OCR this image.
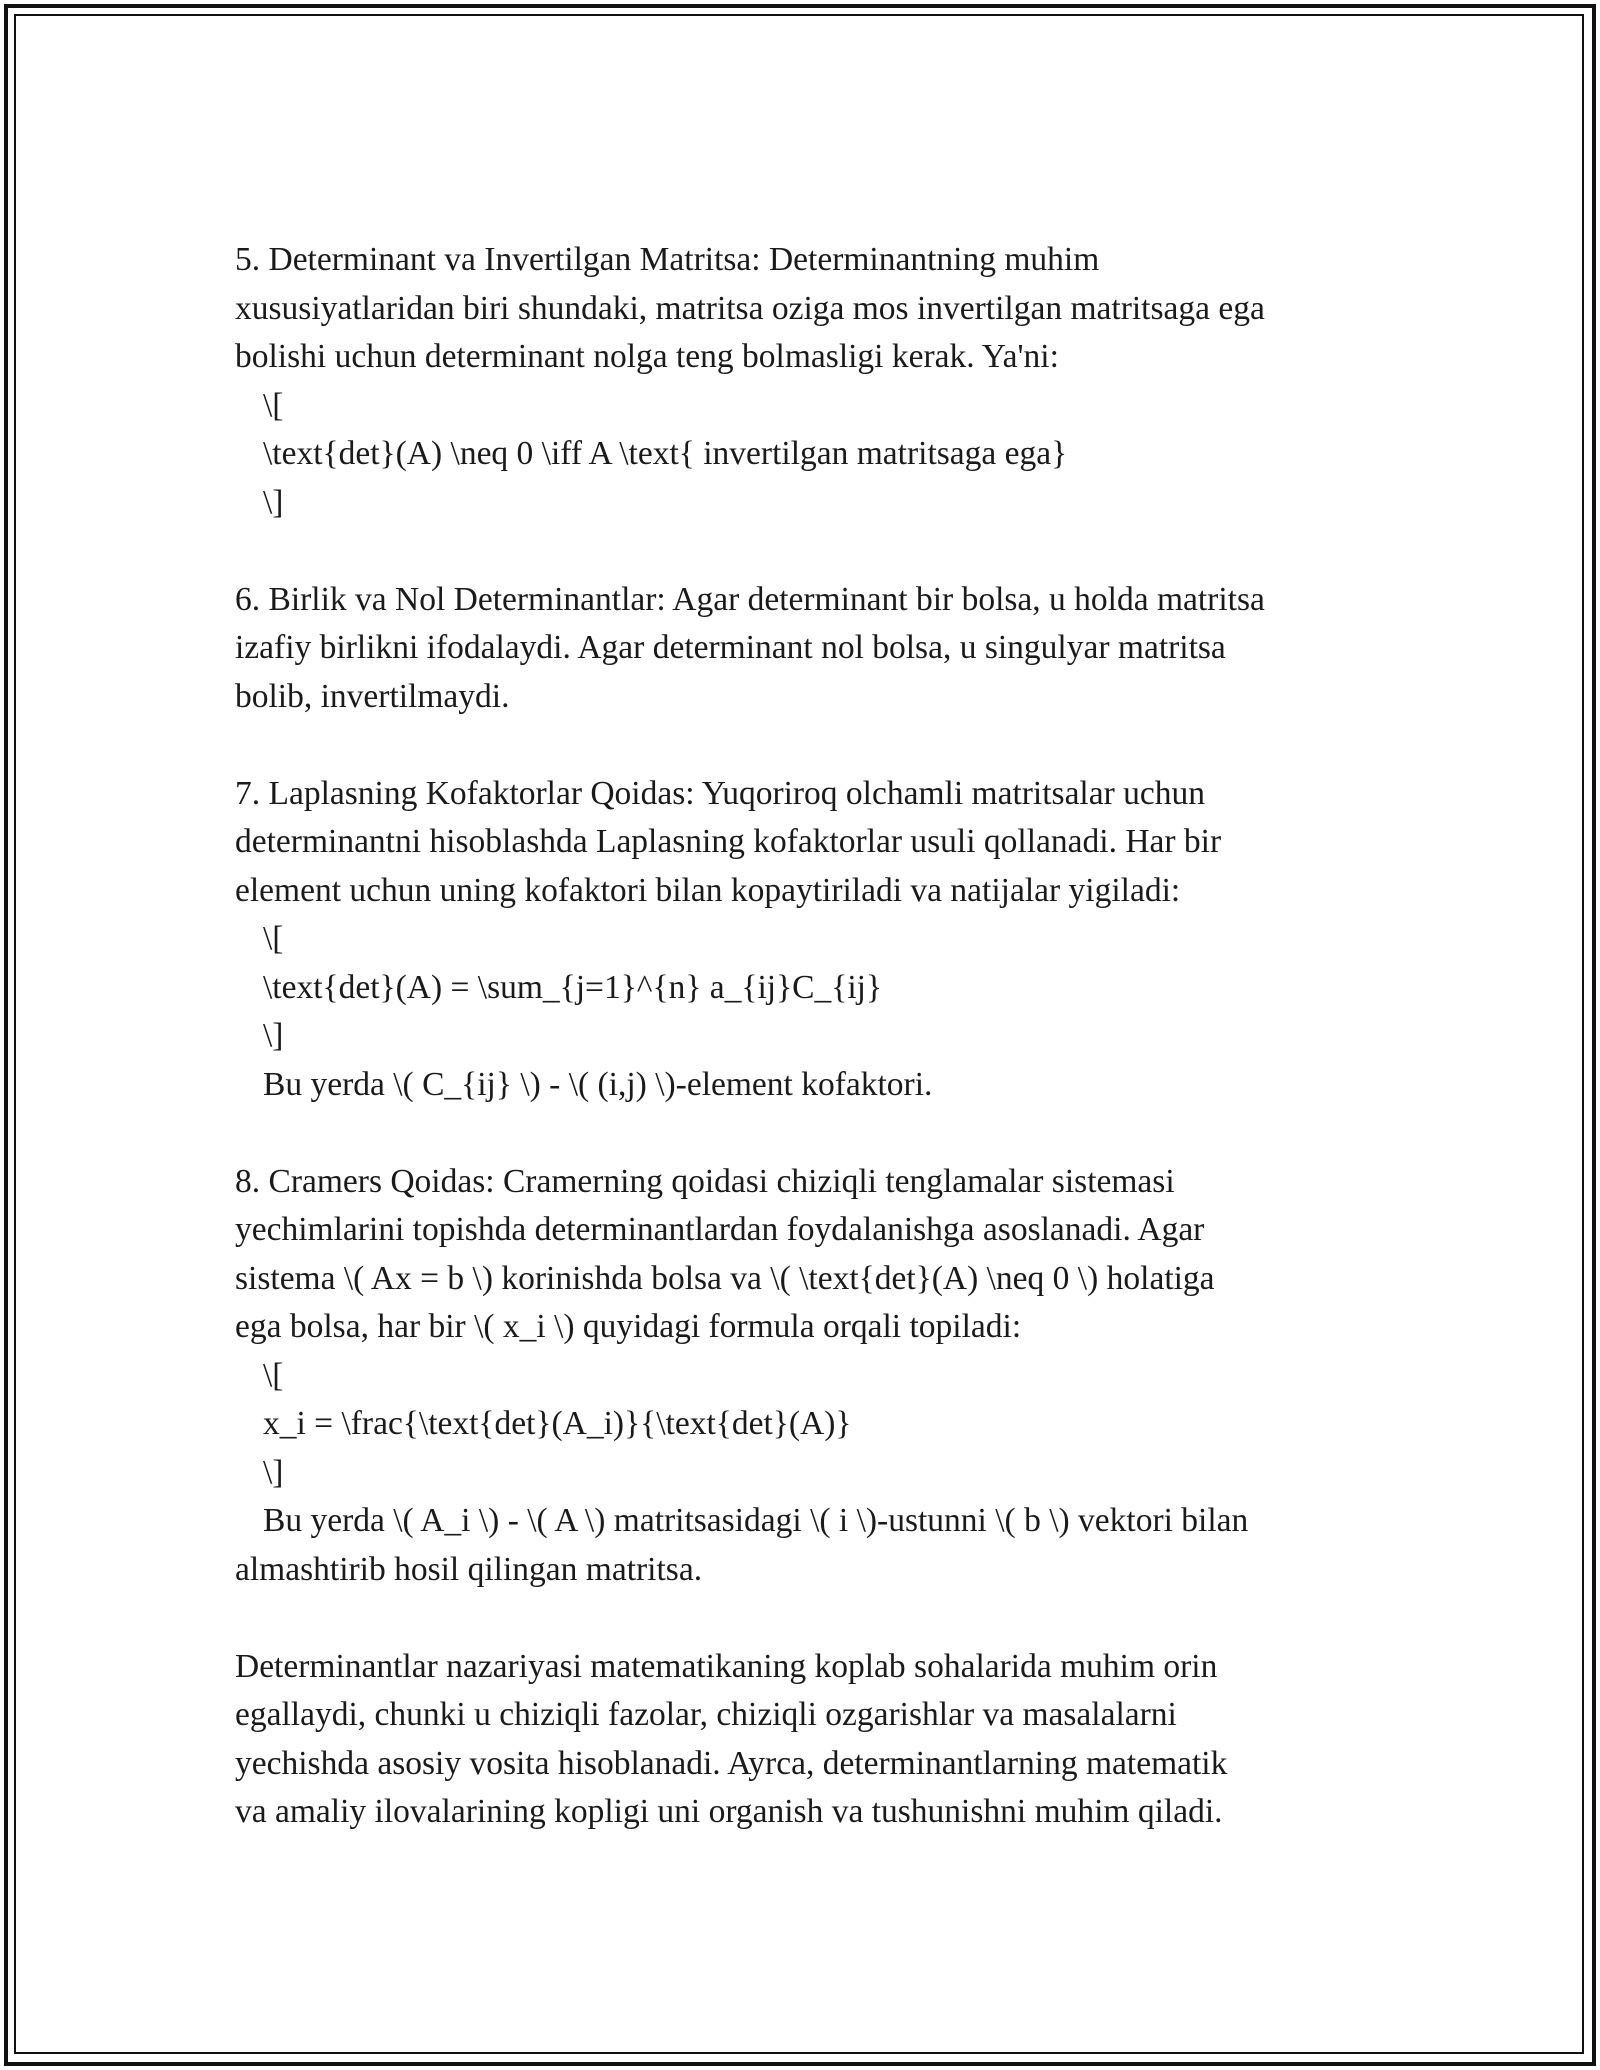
5. Determinant va Invertilgan Matritsa: Determinantning muhim
xususiyatlaridan biri shundaki, matritsa oziga mos invertilgan matritsaga ega
bolishi uchun determinant nolga teng bolmasligi kerak. Ya'ni:
\[
\text{det}(A) \neq 0 \iff A \text{ invertilgan matritsaga ega}
\]
6. Birlik va Nol Determinantlar: Agar determinant bir bolsa, u holda matritsa
izafiy birlikni ifodalaydi. Agar determinant nol bolsa, u singulyar matritsa
bolib, invertilmaydi.
7. Laplasning Kofaktorlar Qoidas: Yuqoriroq olchamli matritsalar uchun
determinantni hisoblashda Laplasning kofaktorlar usuli qollanadi. Har bir
element uchun uning kofaktori bilan kopaytiriladi va natijalar yigiladi:
\[
\text{det}(A) = \sum_{j=1}^{n} a_{ij}C_{ij}
\]
Bu yerda \( C_{ij} \) - \( (i,j) \)-element kofaktori.
8. Cramers Qoidas: Cramerning qoidasi chiziqli tenglamalar sistemasi
yechimlarini topishda determinantlardan foydalanishga asoslanadi. Agar
sistema \( Ax = b \) korinishda bolsa va \( \text{det}(A) \neq 0 \) holatiga
ega bolsa, har bir \( x_i \) quyidagi formula orqali topiladi:
\[
x_i = \frac{\text{det}(A_i)}{\text{det}(A)}
\]
Bu yerda \( A_i \) - \( A \) matritsasidagi \( i \)-ustunni \( b \) vektori bilan
almashtirib hosil qilingan matritsa.
Determinantlar nazariyasi matematikaning koplab sohalarida muhim orin
egallaydi, chunki u chiziqli fazolar, chiziqli ozgarishlar va masalalarni
yechishda asosiy vosita hisoblanadi. Ayrca, determinantlarning matematik
va amaliy ilovalarining kopligi uni organish va tushunishni muhim qiladi.
